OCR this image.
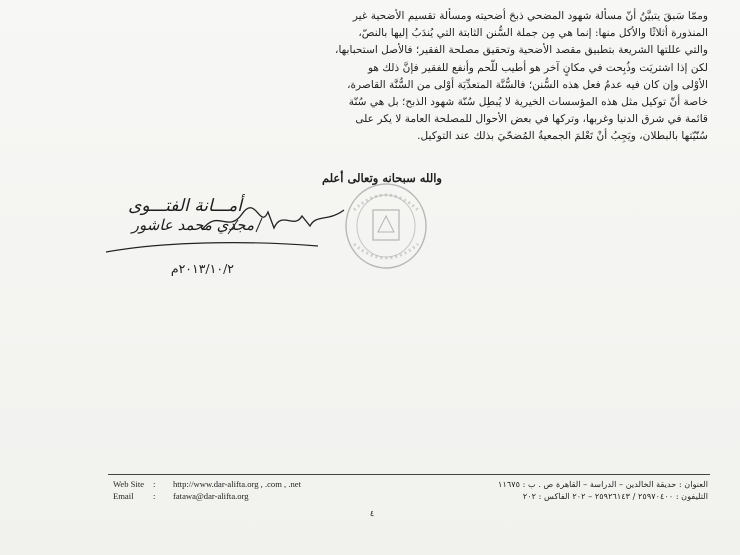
وممّا سَبقَ يتبيَّنُ أنّ مسألة شهود المضحي ذبحَ أضحيته ومسألة تقسيم الأضحية غير

المنذورة أثلاثًا والأكل منها: إنما هي مِن جملة السُّنن الثابتة التي يُندَبُ إليها بالنصّ،

والتي عللتها الشريعة بتطبيق مقصد الأضحية وتحقيق مصلحة الفقير؛ فالأصل استحبابها،

لكن إذا اشتريَت وذُبِحت في مكانٍ آخر هو أطيب للّحم وأنفع للفقير فإنَّ ذلك هو

الأوْلى وإن كان فيه عدمُ فعل هذه السُّنن؛ فالسُّنَّة المتعدِّيَة أوْلى من السُّنَّة القاصرة،

خاصة أنّ توكيل مثل هذه المؤسسات الخيرية لا يُبطِل سُنّة شهود الذبح؛ بل هي سُنّة

قائمة في شرق الدنيا وغربها، وتركها في بعض الأحوال للمصلحة العامة لا يكر على

سُنّيّتها بالبطلان، ويَجِبُ أنْ تَعْلمَ الجمعيةُ المُضحّيَ بذلك عند التوكيل.

والله سبحانه وتعالى أعلم
أمـــانة الفتـــوى
مجدي محمد عاشور
٢٠١٣/١٠/٢م
Web Site : http://www.dar-alifta.org , .com , .net
Email : fatawa@dar-alifta.org
العنوان : حديقة الخالدين – الدراسة – القاهرة ص . ب : ١١٦٧٥
التليفون : ٢٥٩٧٠٤٠٠ / ٢٥٩٢٦١٤٣ – ٢٠٢ الفاكس : ٢٠٢
٤
